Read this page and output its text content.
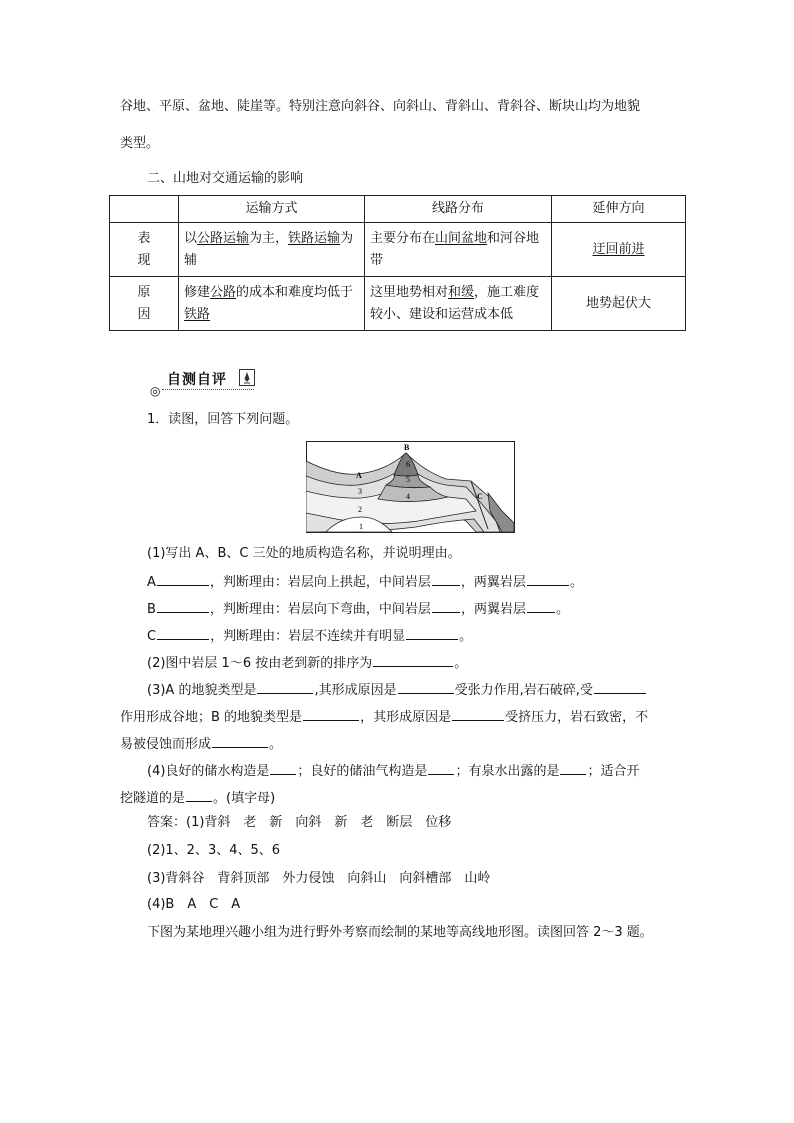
谷地、平原、盆地、陡崖等。特别注意向斜谷、向斜山、背斜山、背斜谷、断块山均为地貌
类型。
二、山地对交通运输的影响
	运输方式	线路分布	延伸方向
表
现	以公路运输为主，铁路运输为辅	主要分布在山间盆地和河谷地带	迂回前进
原
因	修建公路的成本和难度均低于铁路	这里地势相对和缓，施工难度较小、建设和运营成本低	地势起伏大
◎
自测自评
1．读图，回答下列问题。
A
B
C
1
2
3
4
5
6
(1)写出 A、B、C 三处的地质构造名称，并说明理由。
A	，判断理由：岩层向上拱起，中间岩层 ，两翼岩层	。
B	，判断理由：岩层向下弯曲，中间岩层 ，两翼岩层 。
C	，判断理由：岩层不连续并有明显	。
(2)图中岩层 1～6 按由老到新的排序为	。
(3)A 的地貌类型是	,其形成原因是	受张力作用,岩石破碎,受
作用形成谷地；B 的地貌类型是	，其形成原因是	受挤压力，岩石致密，不
易被侵蚀而形成	。
(4)良好的储水构造是 ；良好的储油气构造是 ；有泉水出露的是 ；适合开
挖隧道的是 。(填字母)
答案：(1)背斜　老　新　向斜　新　老　断层　位移
(2)1、2、3、4、5、6
(3)背斜谷　背斜顶部　外力侵蚀　向斜山　向斜槽部　山岭
(4)B　A　C　A
下图为某地理兴趣小组为进行野外考察而绘制的某地等高线地形图。读图回答 2～3 题。
